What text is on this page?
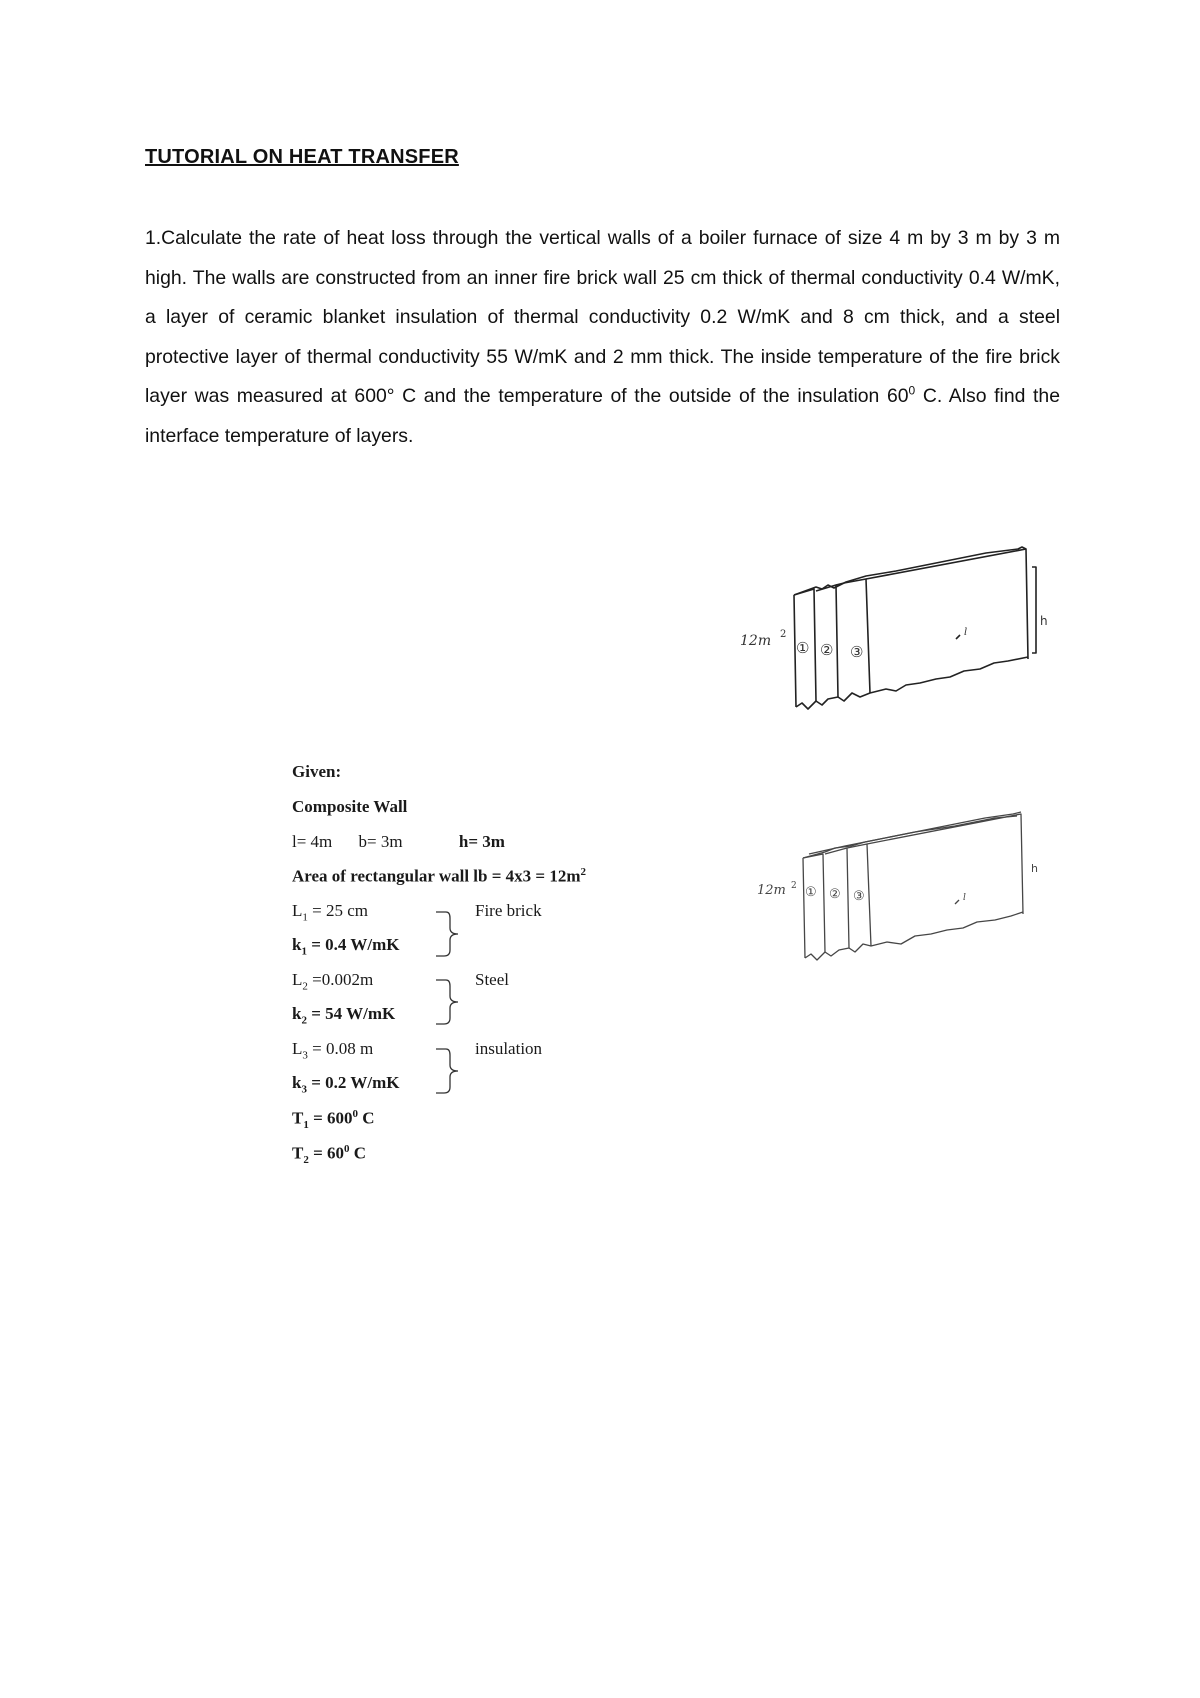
TUTORIAL ON HEAT TRANSFER
1.Calculate the rate of heat loss through the vertical walls of a boiler furnace of size 4 m by 3 m by 3 m high. The walls are constructed from an inner fire brick wall 25 cm thick of thermal conductivity 0.4 W/mK, a layer of ceramic blanket insulation of thermal conductivity 0.2 W/mK and 8 cm thick, and a steel protective layer of thermal conductivity 55 W/mK and 2 mm thick. The inside temperature of the fire brick layer was measured at 600° C and the temperature of the outside of the insulation $60^0$ C. Also find the interface temperature of layers.
12m 2
① ② ③
h
l
12m 2 ① ② ③
h
l
Given:
Composite Wall
l= 4m b= 3m	h= 3m
Area of rectangular wall lb = $4x3 = 12m^2$
$L_1 = 25$ cm
$k_1 = 0.4$ W/mK
Fire brick
$L_2 =0.002m$
$k_2 = 54$ W/mK
Steel
$L_3 = 0.08$ m
$k_3 = 0.2$ W/mK
insulation
$T_1 = 600^0$ C
$T_2 = 60^0$ C
